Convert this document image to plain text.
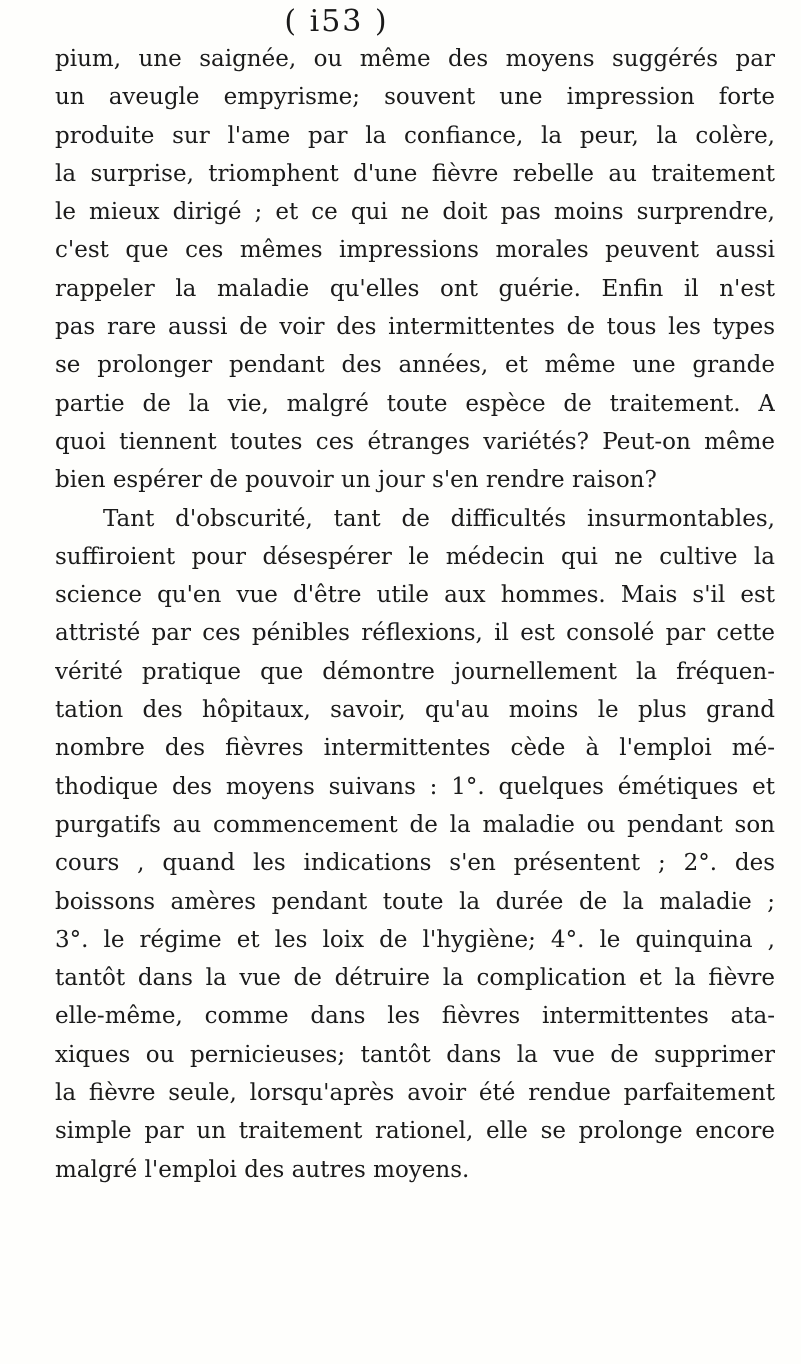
( i53 )
pium, une saignée, ou même des moyens suggérés par
un aveugle empyrisme; souvent une impression forte
produite sur l'ame par la confiance, la peur, la colère,
la surprise, triomphent d'une fièvre rebelle au traitement
le mieux dirigé ; et ce qui ne doit pas moins surprendre,
c'est que ces mêmes impressions morales peuvent aussi
rappeler la maladie qu'elles ont guérie. Enfin il n'est
pas rare aussi de voir des intermittentes de tous les types
se prolonger pendant des années, et même une grande
partie de la vie, malgré toute espèce de traitement. A
quoi tiennent toutes ces étranges variétés? Peut-on même
bien espérer de pouvoir un jour s'en rendre raison?
Tant d'obscurité, tant de difficultés insurmontables,
suffiroient pour désespérer le médecin qui ne cultive la
science qu'en vue d'être utile aux hommes. Mais s'il est
attristé par ces pénibles réflexions, il est consolé par cette
vérité pratique que démontre journellement la fréquen-
tation des hôpitaux, savoir, qu'au moins le plus grand
nombre des fièvres intermittentes cède à l'emploi mé-
thodique des moyens suivans : 1°. quelques émétiques et
purgatifs au commencement de la maladie ou pendant son
cours , quand les indications s'en présentent ; 2°. des
boissons amères pendant toute la durée de la maladie ;
3°. le régime et les loix de l'hygiène; 4°. le quinquina ,
tantôt dans la vue de détruire la complication et la fièvre
elle-même, comme dans les fièvres intermittentes ata-
xiques ou pernicieuses; tantôt dans la vue de supprimer
la fièvre seule, lorsqu'après avoir été rendue parfaitement
simple par un traitement rationel, elle se prolonge encore
malgré l'emploi des autres moyens.
